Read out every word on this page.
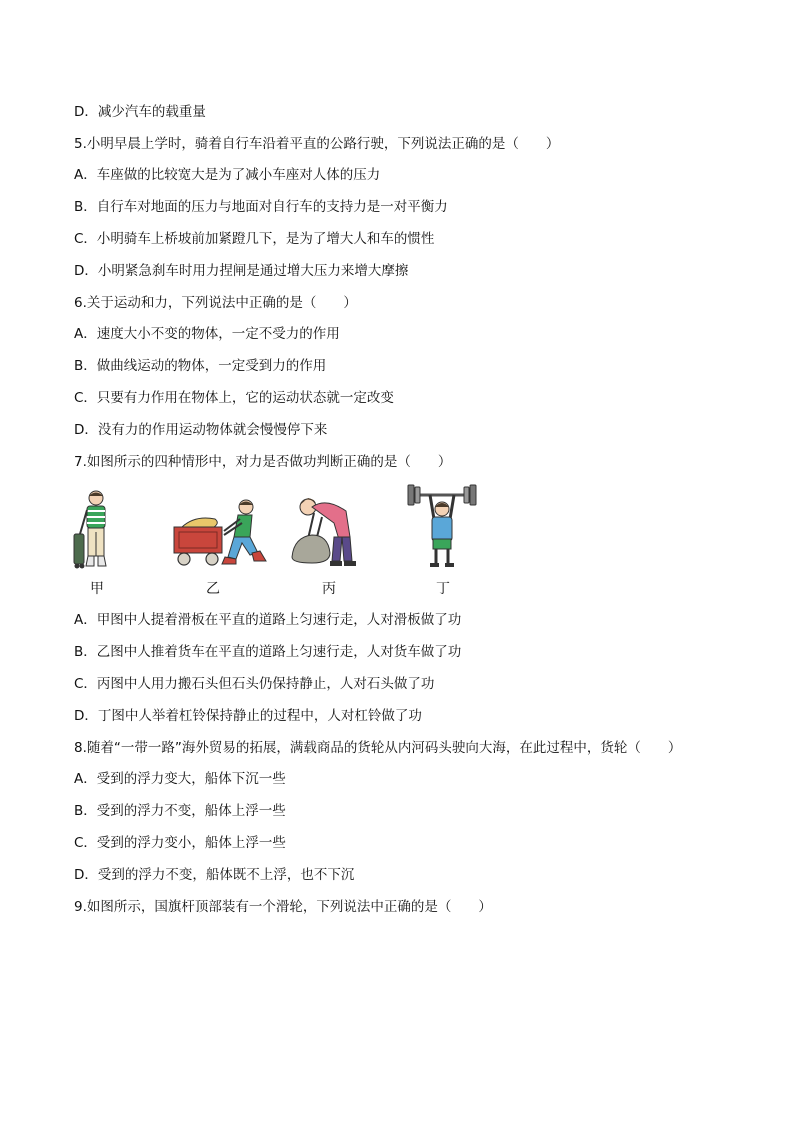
D．减少汽车的载重量
5.小明早晨上学时，骑着自行车沿着平直的公路行驶，下列说法正确的是（　　）
A．车座做的比较宽大是为了减小车座对人体的压力
B．自行车对地面的压力与地面对自行车的支持力是一对平衡力
C．小明骑车上桥坡前加紧蹬几下，是为了增大人和车的惯性
D．小明紧急刹车时用力捏闸是通过增大压力来增大摩擦
6.关于运动和力，下列说法中正确的是（　　）
A．速度大小不变的物体，一定不受力的作用
B．做曲线运动的物体，一定受到力的作用
C．只要有力作用在物体上，它的运动状态就一定改变
D．没有力的作用运动物体就会慢慢停下来
7.如图所示的四种情形中，对力是否做功判断正确的是（　　）
甲	乙	丙	丁
A．甲图中人提着滑板在平直的道路上匀速行走，人对滑板做了功
B．乙图中人推着货车在平直的道路上匀速行走，人对货车做了功
C．丙图中人用力搬石头但石头仍保持静止，人对石头做了功
D．丁图中人举着杠铃保持静止的过程中，人对杠铃做了功
8.随着“一带一路”海外贸易的拓展，满载商品的货轮从内河码头驶向大海，在此过程中，货轮（　　）
A．受到的浮力变大，船体下沉一些
B．受到的浮力不变，船体上浮一些
C．受到的浮力变小，船体上浮一些
D．受到的浮力不变，船体既不上浮，也不下沉
9.如图所示，国旗杆顶部装有一个滑轮，下列说法中正确的是（　　）
